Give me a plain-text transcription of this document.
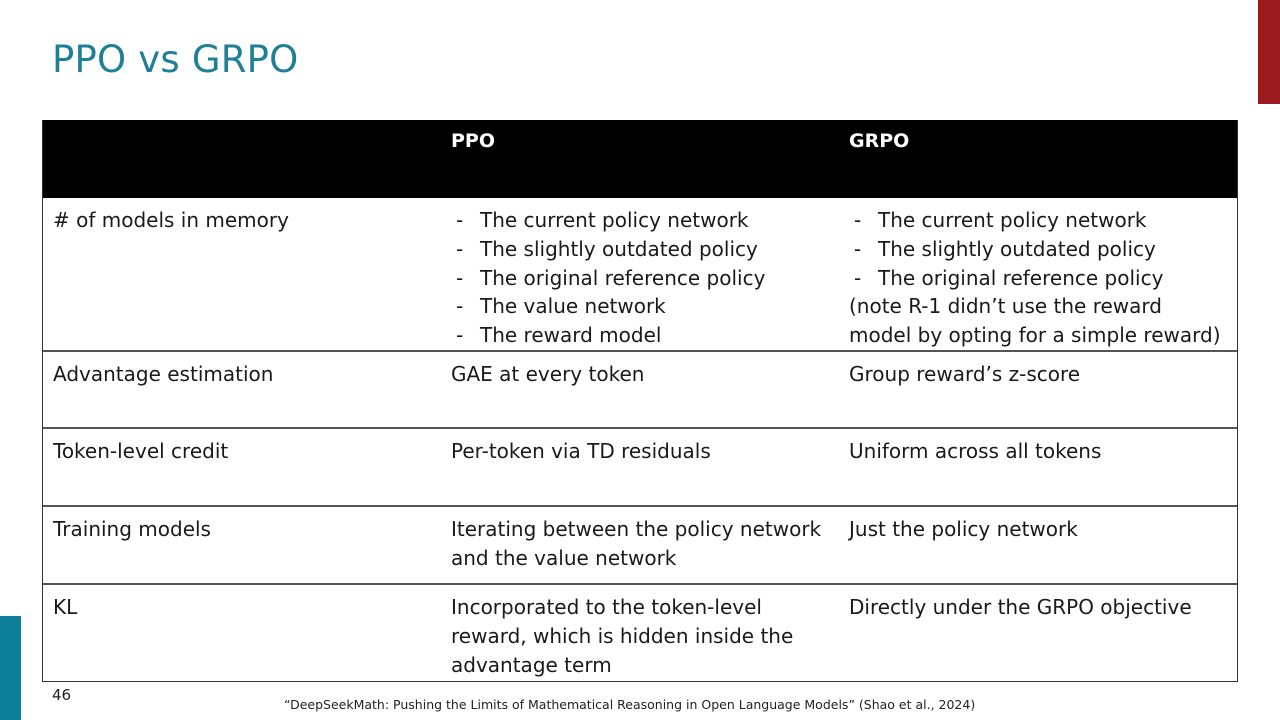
PPO vs GRPO
PPO	GRPO
# of models in memory
-	The current policy network
- The slightly outdated policy
- The original reference policy
- The value network
- The reward model
- The current policy network
- The slightly outdated policy
- The original reference policy
(note R-1 didn’t use the reward model by opting for a simple reward)
Advantage estimation	GAE at every token	Group reward’s z-score
Token-level credit	Per-token via TD residuals	Uniform across all tokens
Training models	Iterating between the policy network and the value network
Just the policy network
KL	Incorporated to the token-level reward, which is hidden inside the advantage term
Directly under the GRPO objective
46
“DeepSeekMath: Pushing the Limits of Mathematical Reasoning in Open Language Models” (Shao et al., 2024)
